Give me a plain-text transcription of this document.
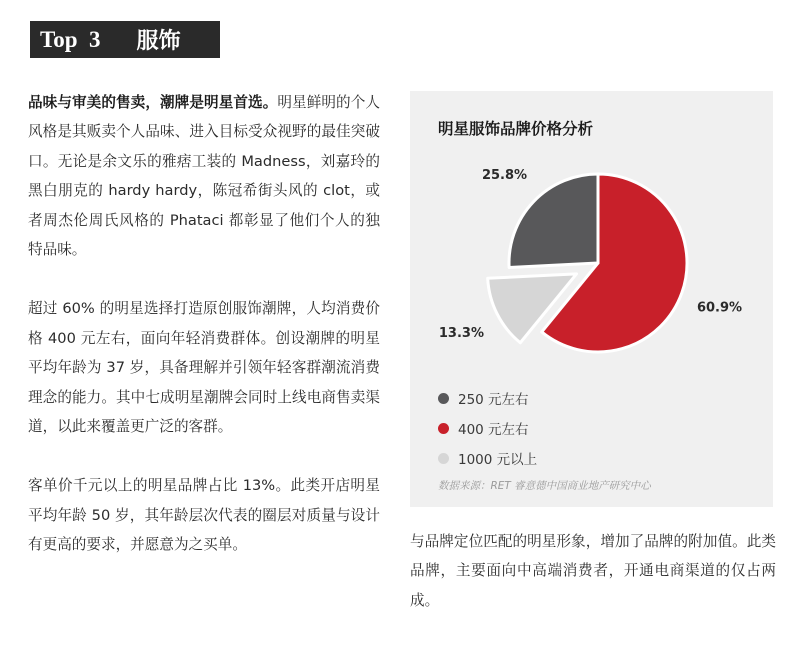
Top  3 服饰

品味与审美的售卖，潮牌是明星首选。明星鲜明的个人风格是其贩卖个人品味、进入目标受众视野的最佳突破口。无论是余文乐的雅痞工装的 Madness，刘嘉玲的黑白朋克的 hardy hardy，陈冠希街头风的 clot，或者周杰伦周氏风格的 Phataci 都彰显了他们个人的独特品味。

超过 60% 的明星选择打造原创服饰潮牌，人均消费价格 400 元左右，面向年轻消费群体。创设潮牌的明星平均年龄为 37 岁，具备理解并引领年轻客群潮流消费理念的能力。其中七成明星潮牌会同时上线电商售卖渠道，以此来覆盖更广泛的客群。

客单价千元以上的明星品牌占比 13%。此类开店明星平均年龄 50 岁，其年龄层次代表的圈层对质量与设计有更高的要求，并愿意为之买单。

60.9%
13.3%
25.8%
明星服饰品牌价格分析
250 元左右
400 元左右
1000 元以上
数据来源：RET 睿意德中国商业地产研究中心

与品牌定位匹配的明星形象，增加了品牌的附加值。此类品牌，主要面向中高端消费者，开通电商渠道的仅占两成。
